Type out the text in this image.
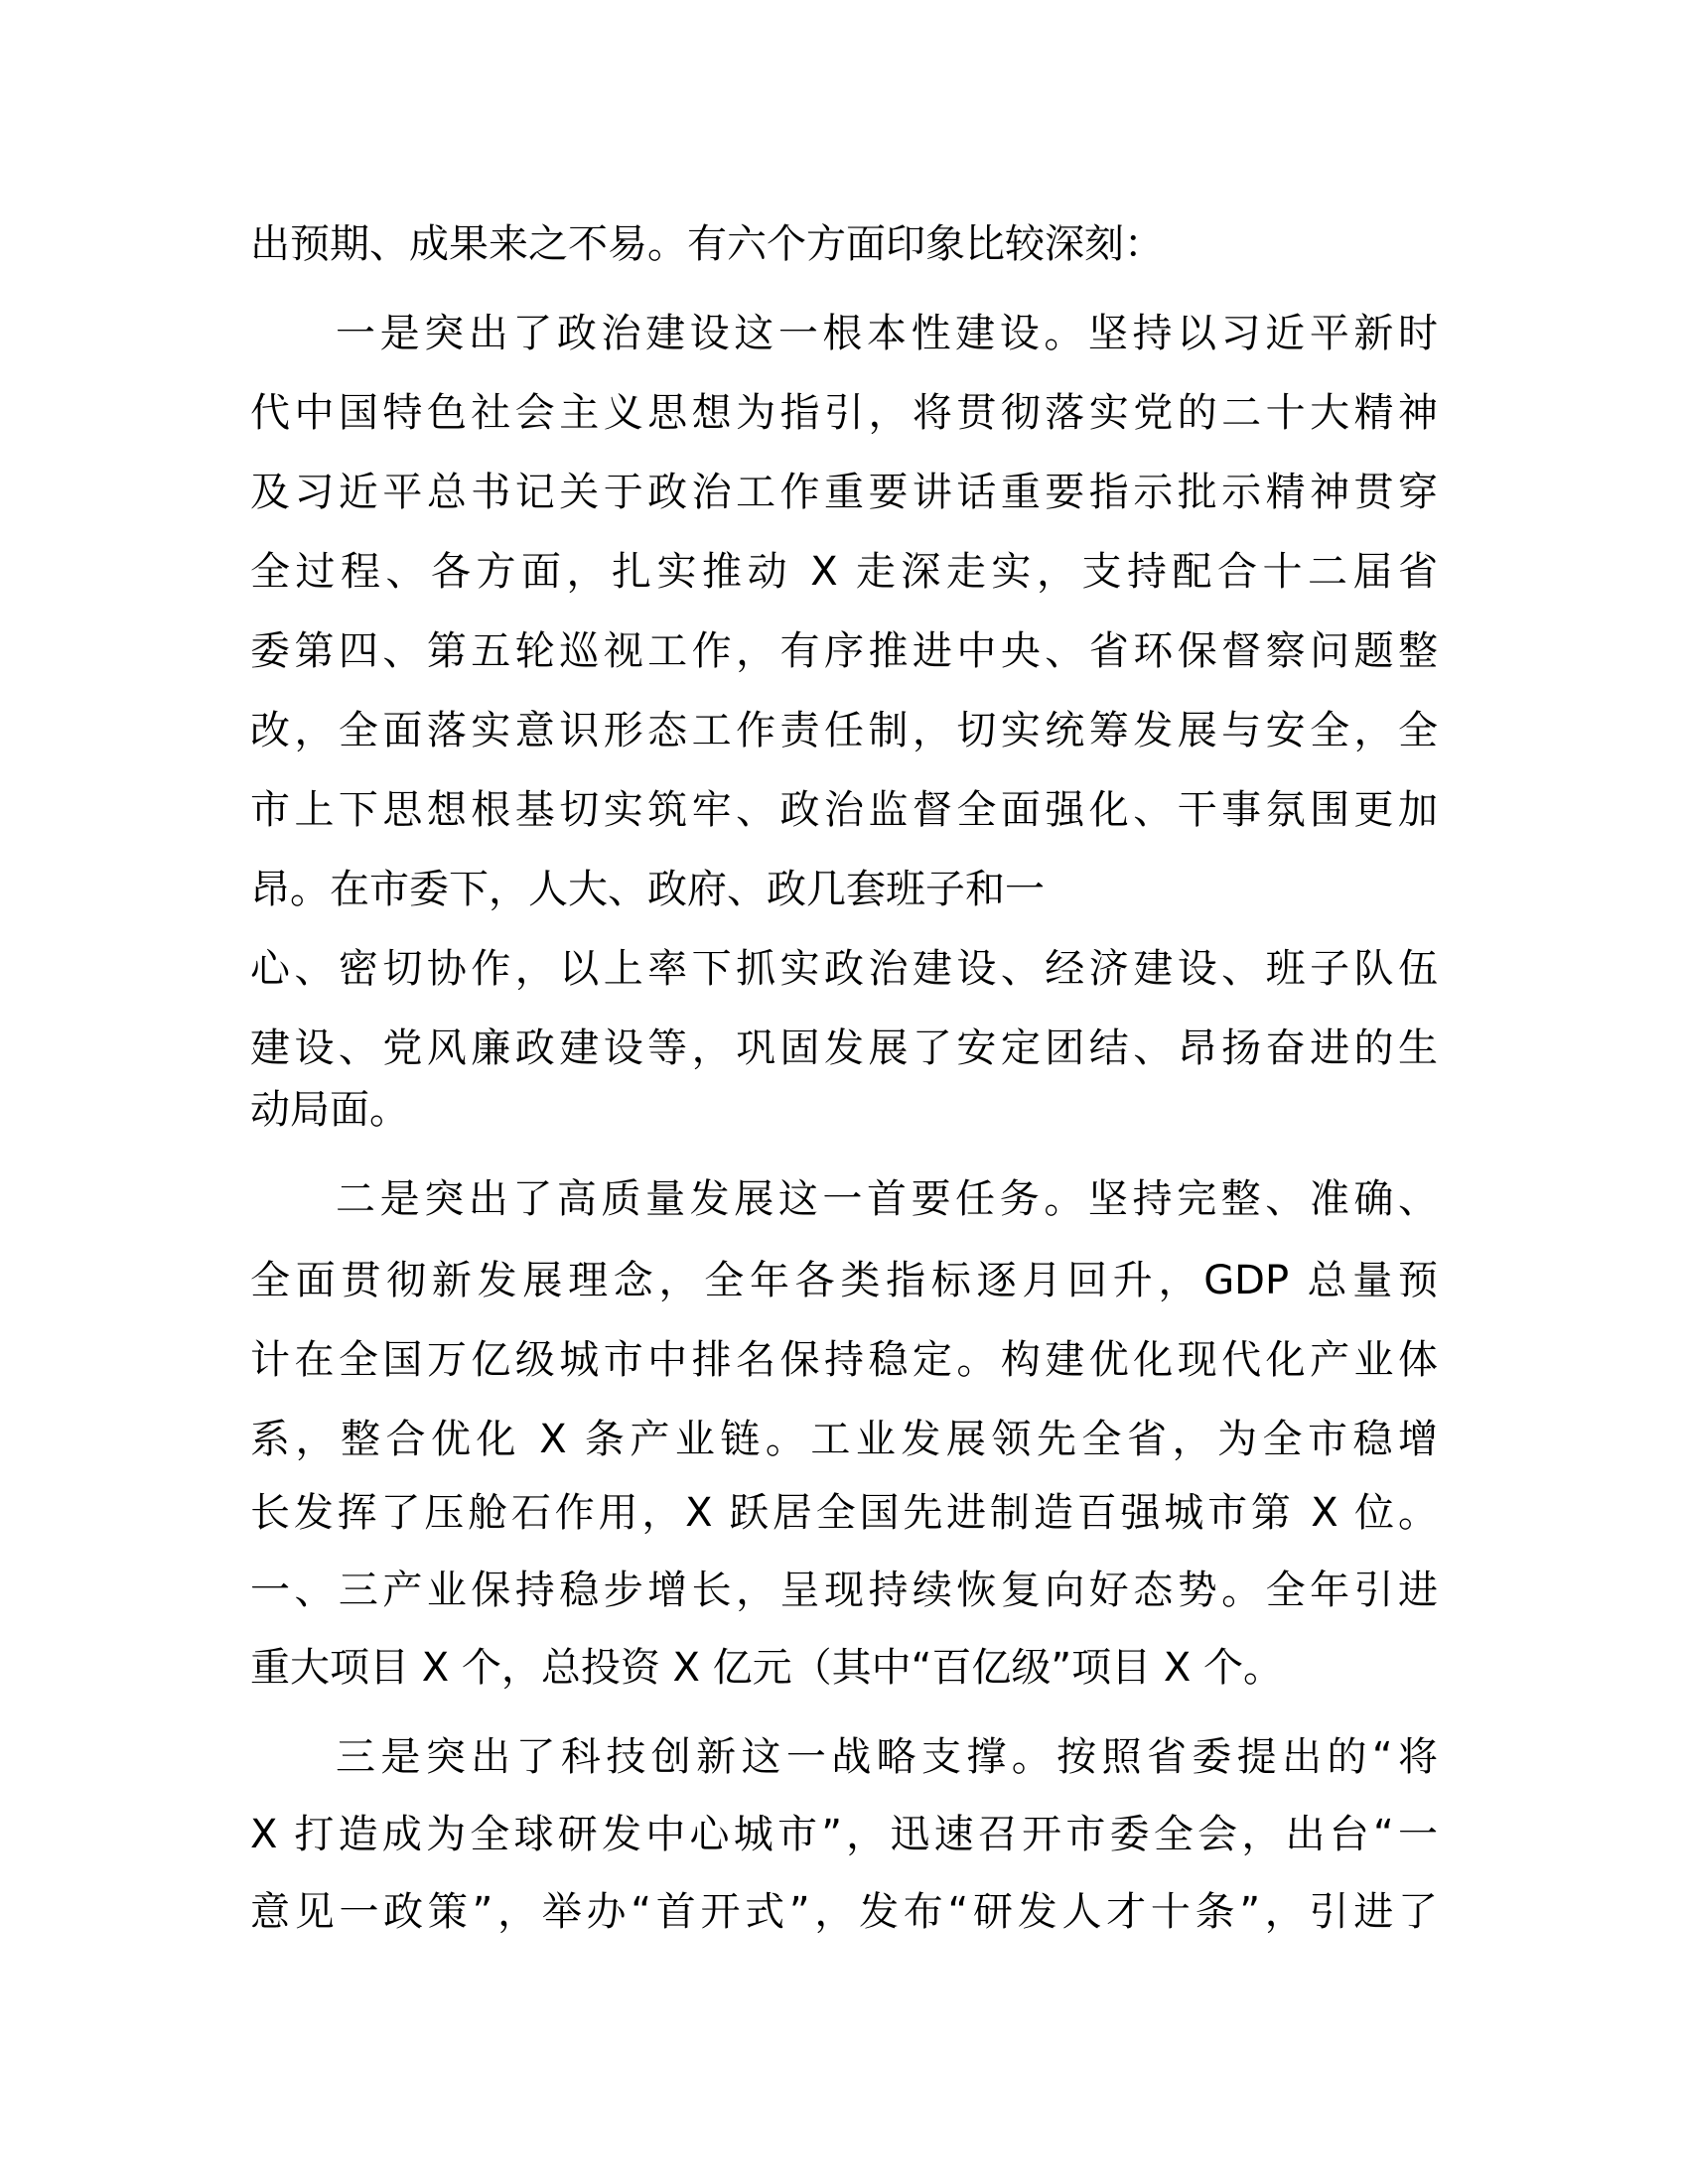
出预期、成果来之不易。有六个方面印象比较深刻：
一是突出了政治建设这一根本性建设。坚持以习近平新时
代中国特色社会主义思想为指引，将贯彻落实党的二十大精神
及习近平总书记关于政治工作重要讲话重要指示批示精神贯穿
全过程、各方面，扎实推动 X 走深走实，支持配合十二届省
委第四、第五轮巡视工作，有序推进中央、省环保督察问题整
改，全面落实意识形态工作责任制，切实统筹发展与安全，全
市上下思想根基切实筑牢、政治监督全面强化、干事氛围更加
昂。在市委下，人大、政府、政几套班子和一
心、密切协作，以上率下抓实政治建设、经济建设、班子队伍
建设、党风廉政建设等，巩固发展了安定团结、昂扬奋进的生
动局面。
二是突出了高质量发展这一首要任务。坚持完整、准确、
全面贯彻新发展理念，全年各类指标逐月回升，GDP 总量预
计在全国万亿级城市中排名保持稳定。构建优化现代化产业体
系，整合优化 X 条产业链。工业发展领先全省，为全市稳增
长发挥了压舱石作用，X 跃居全国先进制造百强城市第 X 位。
一、三产业保持稳步增长，呈现持续恢复向好态势。全年引进
重大项目 X 个，总投资 X 亿元（其中“百亿级”项目 X 个。
三是突出了科技创新这一战略支撑。按照省委提出的“将
X 打造成为全球研发中心城市”，迅速召开市委全会，出台“一
意见一政策”，举办“首开式”，发布“研发人才十条”，引进了
